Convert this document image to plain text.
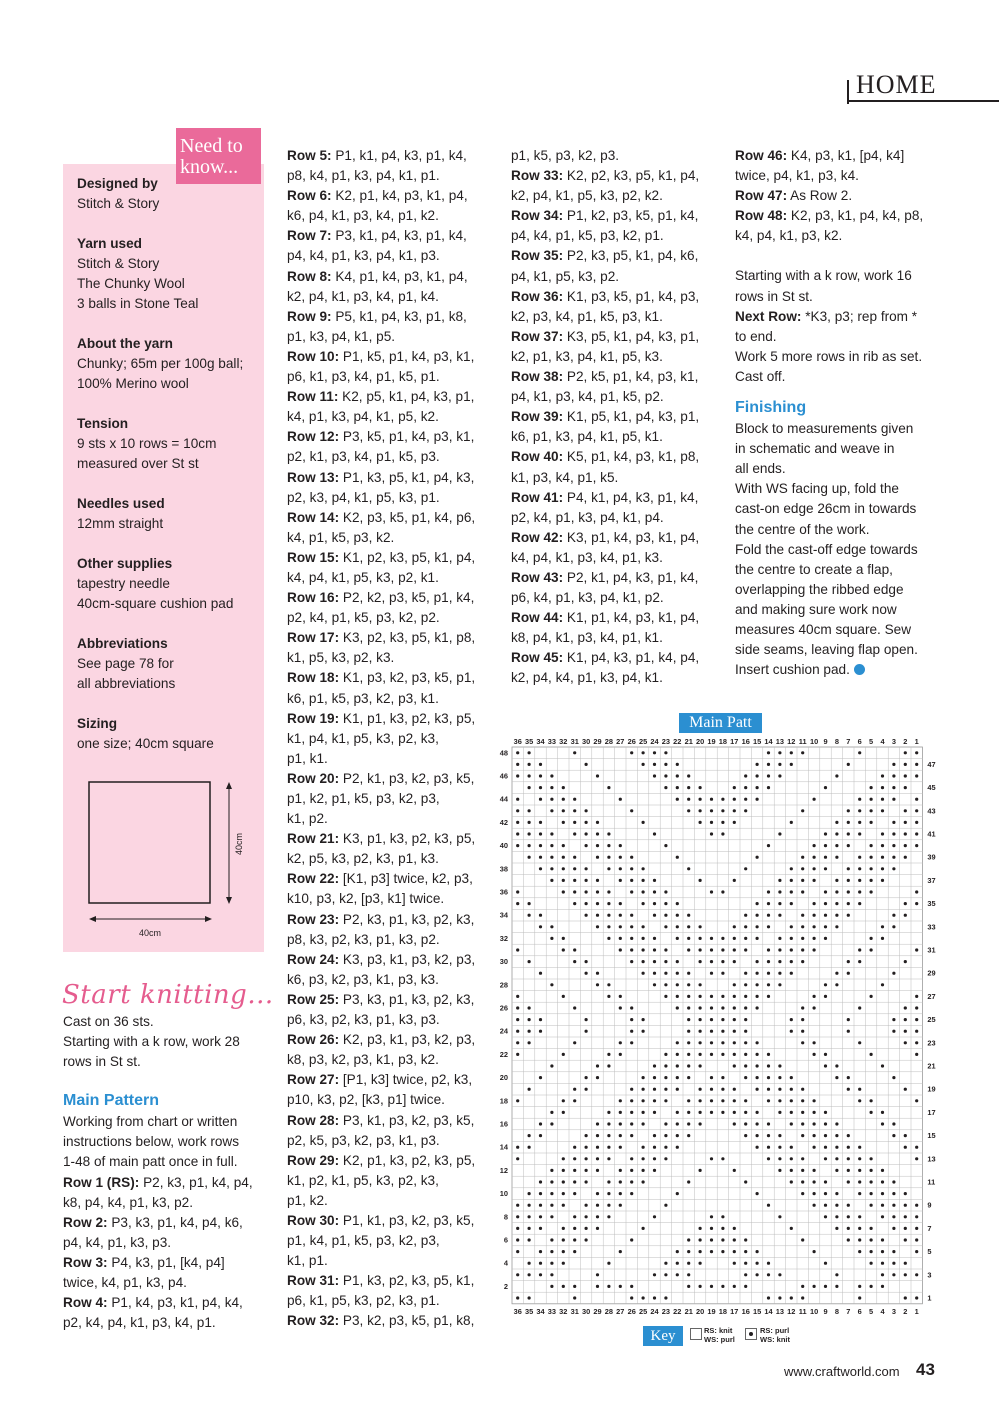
HOME
Need to
know...
Designed by
Stitch & Story
Yarn used
Stitch & Story
The Chunky Wool
3 balls in Stone Teal
About the yarn
Chunky; 65m per 100g ball;
100% Merino wool
Tension
9 sts x 10 rows = 10cm
measured over St st
Needles used
12mm straight
Other supplies
tapestry needle
40cm-square cushion pad
Abbreviations
See page 78 for
all abbreviations
Sizing
one size; 40cm square
40cm
40cm
Start knitting...

Cast on 36 sts.

Starting with a k row, work 28

rows in St st.

Main Pattern

Working from chart or written

instructions below, work rows

1-48 of main patt once in full.

Row 1 (RS): P2, k3, p1, k4, p4,

k8, p4, k4, p1, k3, p2.

Row 2: P3, k3, p1, k4, p4, k6,

p4, k4, p1, k3, p3.

Row 3: P4, k3, p1, [k4, p4]

twice, k4, p1, k3, p4.

Row 4: P1, k4, p3, k1, p4, k4,

p2, k4, p4, k1, p3, k4, p1.

Row 5: P1, k1, p4, k3, p1, k4,

p8, k4, p1, k3, p4, k1, p1.

Row 6: K2, p1, k4, p3, k1, p4,

k6, p4, k1, p3, k4, p1, k2.

Row 7: P3, k1, p4, k3, p1, k4,

p4, k4, p1, k3, p4, k1, p3.

Row 8: K4, p1, k4, p3, k1, p4,

k2, p4, k1, p3, k4, p1, k4.

Row 9: P5, k1, p4, k3, p1, k8,

p1, k3, p4, k1, p5.

Row 10: P1, k5, p1, k4, p3, k1,

p6, k1, p3, k4, p1, k5, p1.

Row 11: K2, p5, k1, p4, k3, p1,

k4, p1, k3, p4, k1, p5, k2.

Row 12: P3, k5, p1, k4, p3, k1,

p2, k1, p3, k4, p1, k5, p3.

Row 13: P1, k3, p5, k1, p4, k3,

p2, k3, p4, k1, p5, k3, p1.

Row 14: K2, p3, k5, p1, k4, p6,

k4, p1, k5, p3, k2.

Row 15: K1, p2, k3, p5, k1, p4,

k4, p4, k1, p5, k3, p2, k1.

Row 16: P2, k2, p3, k5, p1, k4,

p2, k4, p1, k5, p3, k2, p2.

Row 17: K3, p2, k3, p5, k1, p8,

k1, p5, k3, p2, k3.

Row 18: K1, p3, k2, p3, k5, p1,

k6, p1, k5, p3, k2, p3, k1.

Row 19: K1, p1, k3, p2, k3, p5,

k1, p4, k1, p5, k3, p2, k3,

p1, k1.

Row 20: P2, k1, p3, k2, p3, k5,

p1, k2, p1, k5, p3, k2, p3,

k1, p2.

Row 21: K3, p1, k3, p2, k3, p5,

k2, p5, k3, p2, k3, p1, k3.

Row 22: [K1, p3] twice, k2, p3,

k10, p3, k2, [p3, k1] twice.

Row 23: P2, k3, p1, k3, p2, k3,

p8, k3, p2, k3, p1, k3, p2.

Row 24: K3, p3, k1, p3, k2, p3,

k6, p3, k2, p3, k1, p3, k3.

Row 25: P3, k3, p1, k3, p2, k3,

p6, k3, p2, k3, p1, k3, p3.

Row 26: K2, p3, k1, p3, k2, p3,

k8, p3, k2, p3, k1, p3, k2.

Row 27: [P1, k3] twice, p2, k3,

p10, k3, p2, [k3, p1] twice.

Row 28: P3, k1, p3, k2, p3, k5,

p2, k5, p3, k2, p3, k1, p3.

Row 29: K2, p1, k3, p2, k3, p5,

k1, p2, k1, p5, k3, p2, k3,

p1, k2.

Row 30: P1, k1, p3, k2, p3, k5,

p1, k4, p1, k5, p3, k2, p3,

k1, p1.

Row 31: P1, k3, p2, k3, p5, k1,

p6, k1, p5, k3, p2, k3, p1.

Row 32: P3, k2, p3, k5, p1, k8,

p1, k5, p3, k2, p3.

Row 33: K2, p2, k3, p5, k1, p4,

k2, p4, k1, p5, k3, p2, k2.

Row 34: P1, k2, p3, k5, p1, k4,

p4, k4, p1, k5, p3, k2, p1.

Row 35: P2, k3, p5, k1, p4, k6,

p4, k1, p5, k3, p2.

Row 36: K1, p3, k5, p1, k4, p3,

k2, p3, k4, p1, k5, p3, k1.

Row 37: K3, p5, k1, p4, k3, p1,

k2, p1, k3, p4, k1, p5, k3.

Row 38: P2, k5, p1, k4, p3, k1,

p4, k1, p3, k4, p1, k5, p2.

Row 39: K1, p5, k1, p4, k3, p1,

k6, p1, k3, p4, k1, p5, k1.

Row 40: K5, p1, k4, p3, k1, p8,

k1, p3, k4, p1, k5.

Row 41: P4, k1, p4, k3, p1, k4,

p2, k4, p1, k3, p4, k1, p4.

Row 42: K3, p1, k4, p3, k1, p4,

k4, p4, k1, p3, k4, p1, k3.

Row 43: P2, k1, p4, k3, p1, k4,

p6, k4, p1, k3, p4, k1, p2.

Row 44: K1, p1, k4, p3, k1, p4,

k8, p4, k1, p3, k4, p1, k1.

Row 45: K1, p4, k3, p1, k4, p4,

k2, p4, k4, p1, k3, p4, k1.

Row 46: K4, p3, k1, [p4, k4]

twice, p4, k1, p3, k4.

Row 47: As Row 2.

Row 48: K2, p3, k1, p4, k4, p8,

k4, p4, k1, p3, k2.

Starting with a k row, work 16

rows in St st.

Next Row: *K3, p3; rep from *

to end.

Work 5 more rows in rib as set.

Cast off.

Finishing

Block to measurements given

in schematic and weave in

all ends.

With WS facing up, fold the

cast-on edge 26cm in towards

the centre of the work.

Fold the cast-off edge towards

the centre to create a flap,

overlapping the ribbed edge

and making sure work now

measures 40cm square. Sew

side seams, leaving flap open.

Insert cushion pad.

Main Patt
36
36
35
35
34
34
33
33
32
32
31
31
30
30
29
29
28
28
27
27
26
26
25
25
24
24
23
23
22
22
21
21
20
20
19
19
18
18
17
17
16
16
15
15
14
14
13
13
12
12
11
11
10
10
9
9
8
8
7
7
6
6
5
5
4
4
3
3
2
2
1
1
1
2
3
4
5
6
7
8
9
10
11
12
13
14
15
16
17
18
19
20
21
22
23
24
25
26
27
28
29
30
31
32
33
34
35
36
37
38
39
40
41
42
43
44
45
46
47
48
Key	RS: knit
WS: purl
RS: purl
WS: knit
www.craftworld.com 43
